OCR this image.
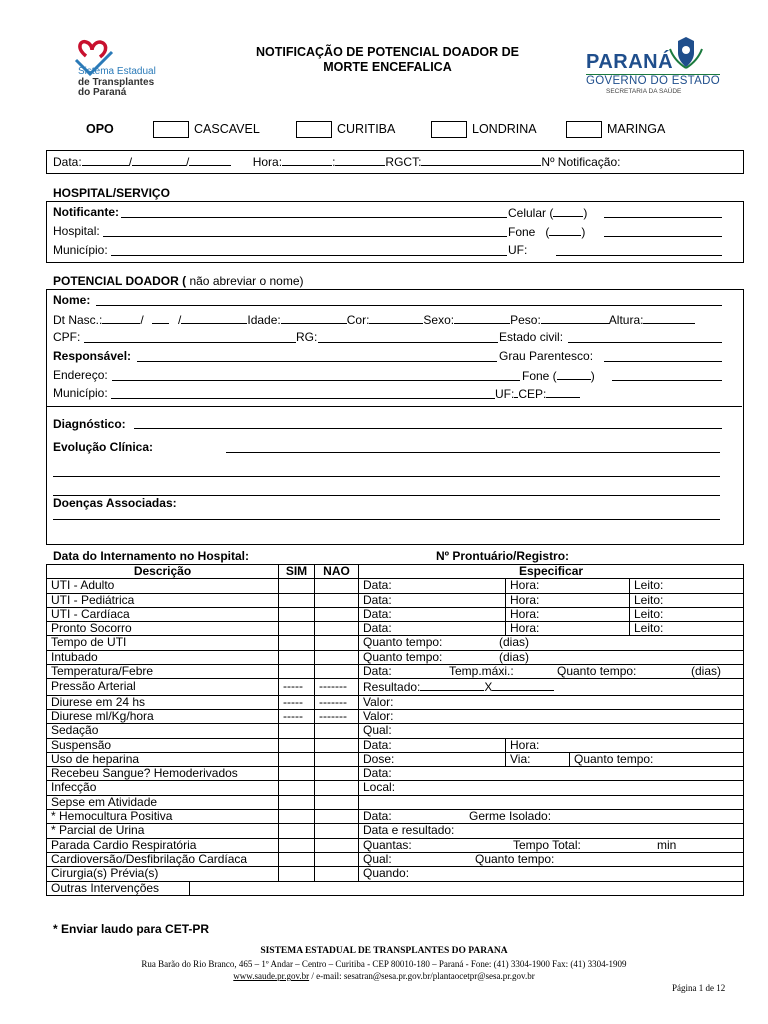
Sistema Estadual
de Transplantes
do Paraná
NOTIFICAÇÃO DE POTENCIAL DOADOR DE
MORTE ENCEFALICA	PARANÁ
GOVERNO DO ESTADO
SECRETARIA DA SAÚDE
OPO	CASCAVEL	CURITIBA	LONDRINA	MARINGA
Data:	/	/	Hora:	:	RGCT:	Nº Notificação:
HOSPITAL/SERVIÇO
Notificante:
Hospital:
Município:
Celular (	)
Fone   (	)
UF:
POTENCIAL DOADOR ( não abreviar o nome)
Nome:
Dt Nasc.:	/	/	Idade:	Cor:	Sexo:	Peso:	Altura:
CPF:	RG:	Estado civil:
Responsável:	Grau Parentesco:
Endereço:	Fone (	)
Município:	UF: CEP:
Diagnóstico:
Evolução Clínica:
Doenças Associadas:
Data do Internamento no Hospital:	Nº Prontuário/Registro:
Descrição	SIM	NAO	Especificar			
UTI - Adulto			Data:	Hora:		Leito:
UTI - Pediátrica			Data:	Hora:		Leito:
UTI - Cardíaca			Data:	Hora:		Leito:
Pronto Socorro			Data:	Hora:		Leito:
Tempo de UTI			Quanto tempo: (dias)			
Intubado			Quanto tempo: (dias)			
Temperatura/Febre			Data: Temp.máxi.: Quanto tempo: (dias)			
Pressão Arterial	-----	-------	Resultado: X			
Diurese em 24 hs	-----	-------	Valor:			
Diurese ml/Kg/hora	-----	-------	Valor:			
Sedação			Qual:			
Suspensão			Data:	Hora:		
Uso de heparina			Dose:	Via:	Quanto tempo:	
Recebeu Sangue? Hemoderivados			Data:			
Infecção			Local:			
Sepse em Atividade						
* Hemocultura Positiva			Data: Germe Isolado:			
* Parcial de Urina			Data e resultado:			
Parada Cardio Respiratória			Quantas: Tempo Total: min			
Cardioversão/Desfibrilação Cardíaca			Qual: Quanto tempo:			
Cirurgia(s) Prévia(s)			Quando:			
Outras Intervenções						
* Enviar laudo para CET-PR
SISTEMA ESTADUAL DE TRANSPLANTES DO PARANA
Rua Barão do Rio Branco, 465 – 1º Andar – Centro – Curitiba - CEP 80010-180 – Paraná - Fone: (41) 3304-1900 Fax: (41) 3304-1909
www.saude.pr.gov.br / e-mail: sesatran@sesa.pr.gov.br/plantaocetpr@sesa.pr.gov.br
Página 1 de 12
